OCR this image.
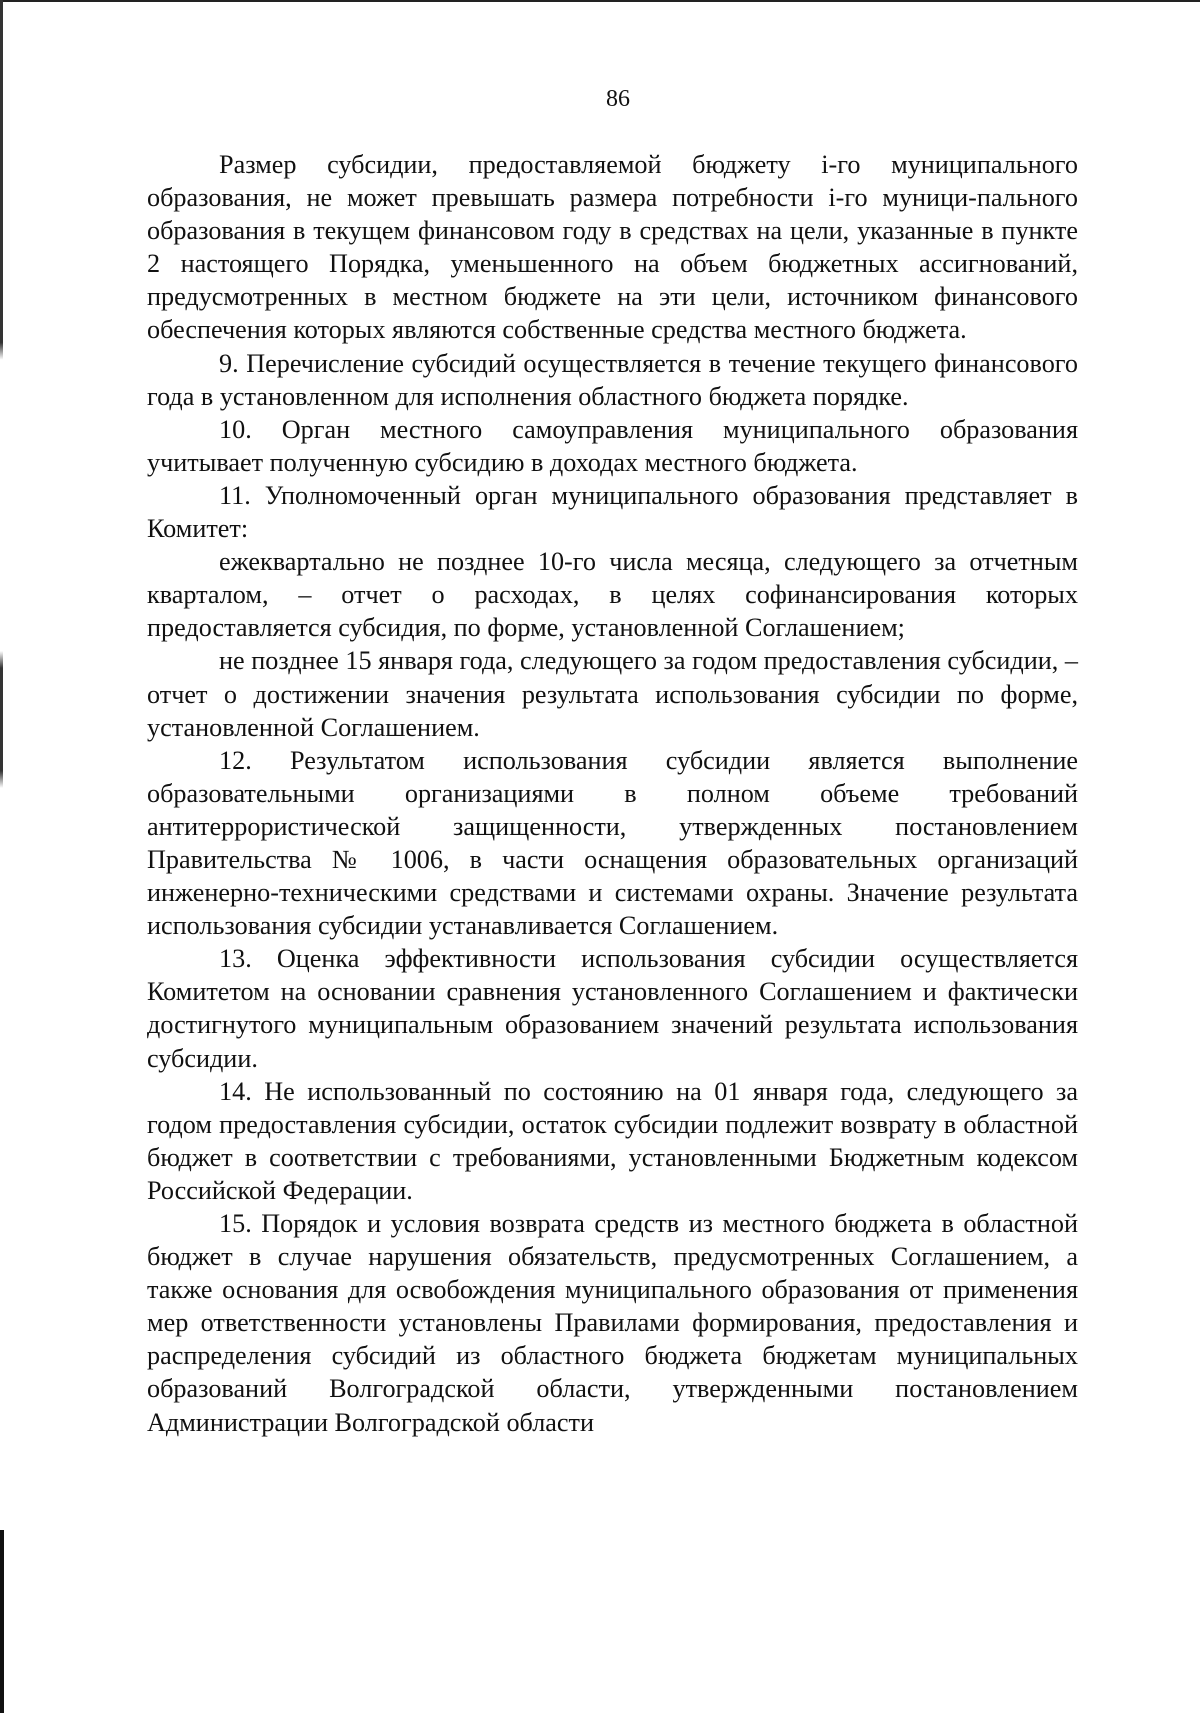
86

Размер субсидии, предоставляемой бюджету i-го муниципального образования, не может превышать размера потребности i-го муници-пального образования в текущем финансовом году в средствах на цели, указанные в пункте 2 настоящего Порядка, уменьшенного на объем бюджетных ассигнований, предусмотренных в местном бюджете на эти цели, источником финансового обеспечения которых являются собственные средства местного бюджета.

9. Перечисление субсидий осуществляется в течение текущего финансового года в установленном для исполнения областного бюджета порядке.

10. Орган местного самоуправления муниципального образования учитывает полученную субсидию в доходах местного бюджета.

11. Уполномоченный орган муниципального образования представляет в Комитет:

ежеквартально не позднее 10-го числа месяца, следующего за отчетным кварталом, – отчет о расходах, в целях софинансирования которых предоставляется субсидия, по форме, установленной Соглашением;

не позднее 15 января года, следующего за годом предоставления субсидии, – отчет о достижении значения результата использования субсидии по форме, установленной Соглашением.

12. Результатом использования субсидии является выполнение образовательными организациями в полном объеме требований антитеррористической защищенности, утвержденных постановлением Правительства № 1006, в части оснащения образовательных организаций инженерно-техническими средствами и системами охраны. Значение результата использования субсидии устанавливается Соглашением.

13. Оценка эффективности использования субсидии осуществляется Комитетом на основании сравнения установленного Соглашением и фактически достигнутого муниципальным образованием значений результата использования субсидии.

14. Не использованный по состоянию на 01 января года, следующего за годом предоставления субсидии, остаток субсидии подлежит возврату в областной бюджет в соответствии с требованиями, установленными Бюджетным кодексом Российской Федерации.

15. Порядок и условия возврата средств из местного бюджета в областной бюджет в случае нарушения обязательств, предусмотренных Соглашением, а также основания для освобождения муниципального образования от применения мер ответственности установлены Правилами формирования, предоставления и распределения субсидий из областного бюджета бюджетам муниципальных образований Волгоградской области, утвержденными постановлением Администрации Волгоградской области
